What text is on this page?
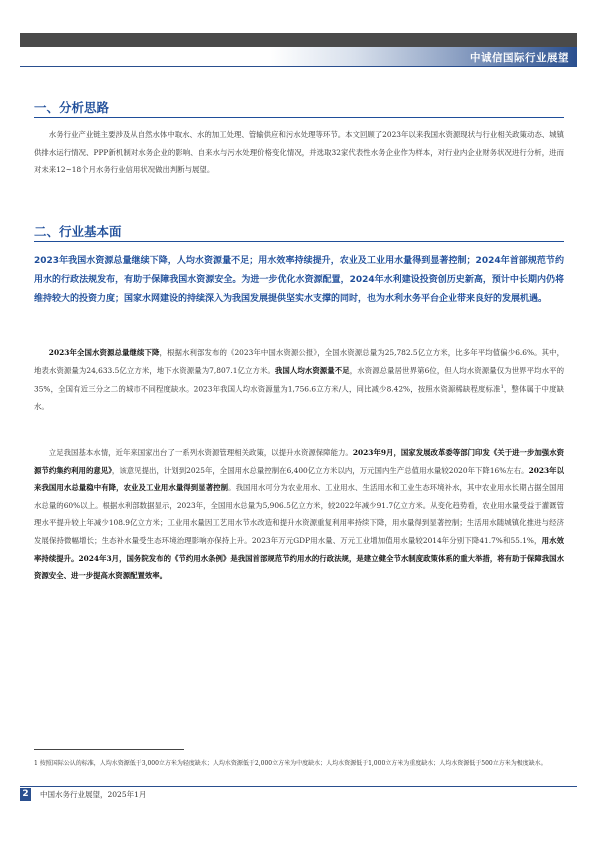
中诚信国际行业展望
一、分析思路

水务行业产业链主要涉及从自然水体中取水、水的加工处理、管输供应和污水处理等环节。本文回顾了2023年以来我国水资源现状与行业相关政策动态、城镇供排水运行情况、PPP新机制对水务企业的影响、自来水与污水处理价格变化情况，并选取32家代表性水务企业作为样本，对行业内企业财务状况进行分析，进而对未来12~18个月水务行业信用状况做出判断与展望。

二、行业基本面

2023年我国水资源总量继续下降，人均水资源量不足；用水效率持续提升，农业及工业用水量得到显著控制；2024年首部规范节约用水的行政法规发布，有助于保障我国水资源安全。为进一步优化水资源配置，2024年水利建设投资创历史新高，预计中长期内仍将维持较大的投资力度；国家水网建设的持续深入为我国发展提供坚实水支撑的同时，也为水利水务平台企业带来良好的发展机遇。

2023年全国水资源总量继续下降，根据水利部发布的《2023年中国水资源公报》，全国水资源总量为25,782.5亿立方米，比多年平均值偏少6.6%。其中，地表水资源量为24,633.5亿立方米，地下水资源量为7,807.1亿立方米。我国人均水资源量不足，水资源总量居世界第6位，但人均水资源量仅为世界平均水平的35%，全国有近三分之二的城市不同程度缺水。2023年我国人均水资源量为1,756.6立方米/人，同比减少8.42%，按照水资源稀缺程度标准$^1$，整体属于中度缺水。

立足我国基本水情，近年来国家出台了一系列水资源管理相关政策，以提升水资源保障能力。2023年9月，国家发展改革委等部门印发《关于进一步加强水资源节约集约利用的意见》，该意见提出，计划到2025年，全国用水总量控制在6,400亿立方米以内，万元国内生产总值用水量较2020年下降16%左右。2023年以来我国用水总量稳中有降，农业及工业用水量得到显著控制。我国用水可分为农业用水、工业用水、生活用水和工业生态环境补水，其中农业用水长期占据全国用水总量的60%以上。根据水利部数据显示，2023年，全国用水总量为5,906.5亿立方米，较2022年减少91.7亿立方米。从变化趋势看，农业用水量受益于灌溉管理水平提升较上年减少108.9亿立方米；工业用水量因工艺用水节水改造和提升水资源重复利用率持续下降，用水量得到显著控制；生活用水随城镇化推进与经济发展保持微幅增长；生态补水量受生态环境治理影响亦保持上升。2023年万元GDP用水量、万元工业增加值用水量较2014年分别下降41.7%和55.1%，用水效率持续提升。2024年3月，国务院发布的《节约用水条例》是我国首部规范节约用水的行政法规，是建立健全节水制度政策体系的重大举措，将有助于保障我国水资源安全、进一步提高水资源配置效率。

1 按照国际公认的标准，人均水资源低于3,000立方米为轻度缺水；人均水资源低于2,000立方米为中度缺水；人均水资源低于1,000立方米为重度缺水；人均水资源低于500立方米为极度缺水。
2	中国水务行业展望，2025年1月
